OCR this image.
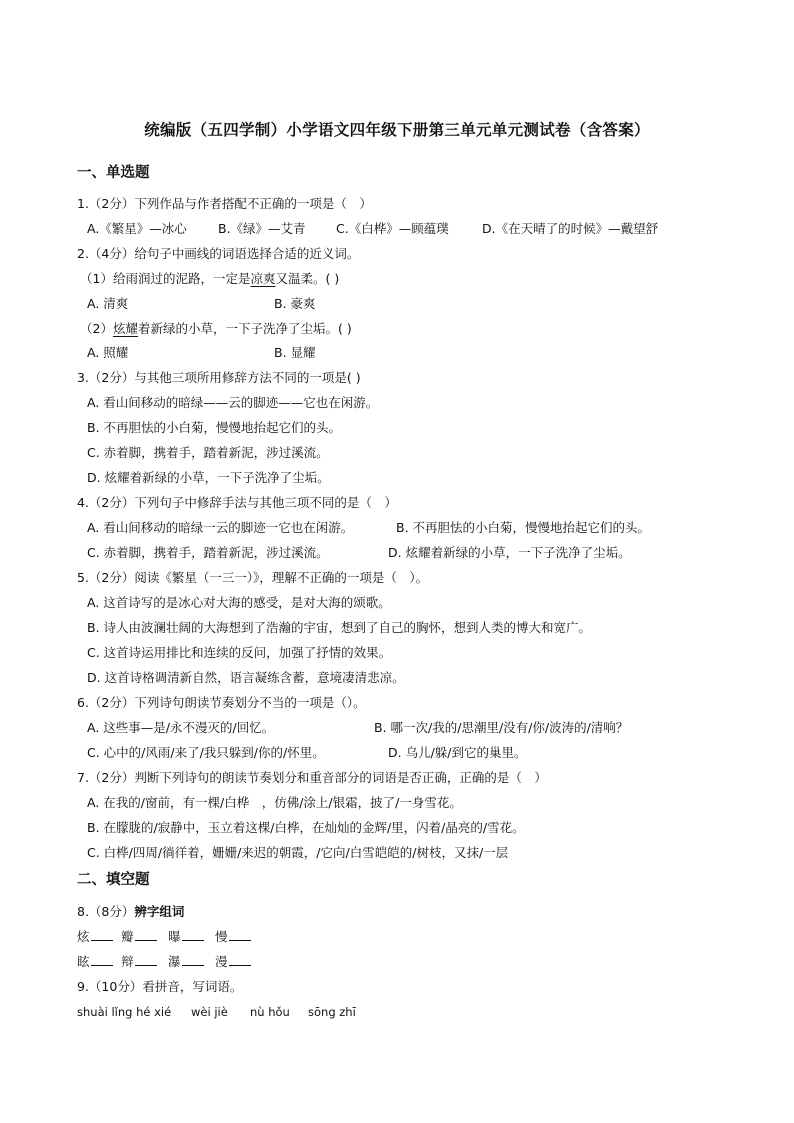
统编版（五四学制）小学语文四年级下册第三单元单元测试卷（含答案）
一、单选题
1.（2分）下列作品与作者搭配不正确的一项是（　）
A.《繁星》—冰心 B.《绿》—艾青 C.《白桦》—顾蕴璞	D.《在天晴了的时候》—戴望舒
2.（4分）给句子中画线的词语选择合适的近义词。
（1）给雨润过的泥路，一定是凉爽又温柔。( )
A. 清爽	B. 豪爽
（2）炫耀着新绿的小草，一下子洗净了尘垢。( )
A. 照耀	B. 显耀
3.（2分）与其他三项所用修辞方法不同的一项是( )
A. 看山间移动的暗绿——云的脚迹——它也在闲游。
B. 不再胆怯的小白菊，慢慢地抬起它们的头。
C. 赤着脚，携着手，踏着新泥，涉过溪流。
D. 炫耀着新绿的小草，一下子洗净了尘垢。
4.（2分）下列句子中修辞手法与其他三项不同的是（　）
A. 看山间移动的暗绿一云的脚迹一它也在闲游。	B. 不再胆怯的小白菊，慢慢地抬起它们的头。
C. 赤着脚，携着手，踏着新泥，涉过溪流。	D. 炫耀着新绿的小草，一下子洗净了尘垢。
5.（2分）阅读《繁星（一三一）》，理解不正确的一项是（　）。
A. 这首诗写的是冰心对大海的感受，是对大海的颂歌。
B. 诗人由波澜壮阔的大海想到了浩瀚的宇宙，想到了自己的胸怀，想到人类的博大和宽广。
C. 这首诗运用排比和连续的反问，加强了抒情的效果。
D. 这首诗格调清新自然，语言凝练含蓄，意境凄清悲凉。
6.（2分）下列诗句朗读节奏划分不当的一项是（）。
A. 这些事—是/永不漫灭的/回忆。	B. 哪一次/我的/思潮里/没有/你/波涛的/清响？
C. 心中的/风雨/来了/我只躲到/你的/怀里。	D. 乌儿/躲/到它的巢里。
7.（2分）判断下列诗句的朗读节奏划分和重音部分的词语是否正确，正确的是（　）
A. 在我的/窗前，有一棵/白桦　，仿佛/涂上/银霜，披了/一身雪花。
B. 在朦胧的/寂静中，玉立着这棵/白桦，在灿灿的金辉/里，闪着/晶亮的/雪花。
C. 白桦/四周/徜徉着，姗姗/来迟的朝霞，/它向/白雪皑皑的/树枝，又抹/一层
二、填空题
8.（8分）辨字组词
炫	瓣	曝	慢
眩	辩	瀑	漫
9.（10分）看拼音，写词语。
shuài lǐng hé xié wèi jiè nù hǒu sōng zhī
